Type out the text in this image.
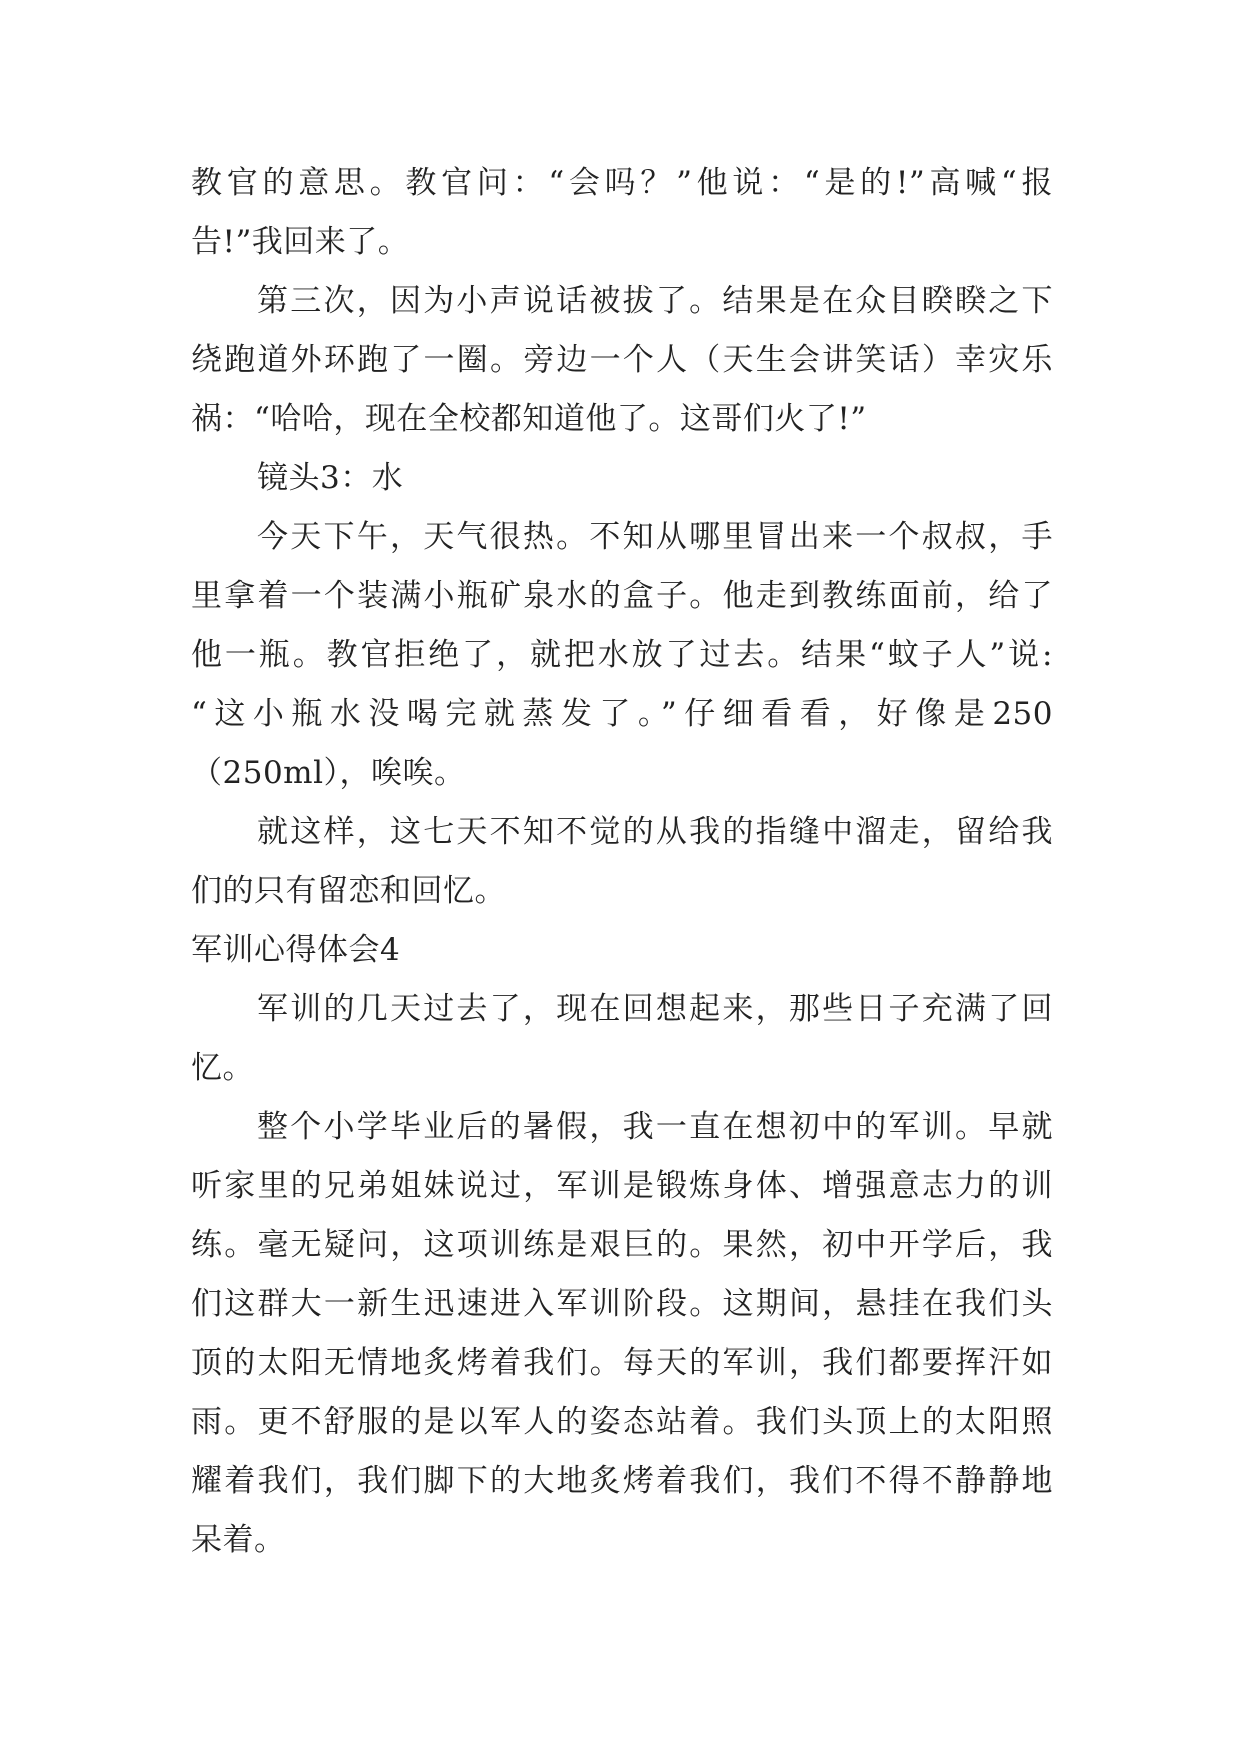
教官的意思。教官问：“会吗？”他说：“是的!”高喊“报
告!”我回来了。
第三次，因为小声说话被拔了。结果是在众目睽睽之下
绕跑道外环跑了一圈。旁边一个人（天生会讲笑话）幸灾乐
祸：“哈哈，现在全校都知道他了。这哥们火了!”
镜头3：水
今天下午，天气很热。不知从哪里冒出来一个叔叔，手
里拿着一个装满小瓶矿泉水的盒子。他走到教练面前，给了
他一瓶。教官拒绝了，就把水放了过去。结果“蚊子人”说:
“这小瓶水没喝完就蒸发了。”仔细看看，好像是250
（250ml），唉唉。
就这样，这七天不知不觉的从我的指缝中溜走，留给我
们的只有留恋和回忆。
军训心得体会4
军训的几天过去了，现在回想起来，那些日子充满了回
忆。
整个小学毕业后的暑假，我一直在想初中的军训。早就
听家里的兄弟姐妹说过，军训是锻炼身体、增强意志力的训
练。毫无疑问，这项训练是艰巨的。果然，初中开学后，我
们这群大一新生迅速进入军训阶段。这期间，悬挂在我们头
顶的太阳无情地炙烤着我们。每天的军训，我们都要挥汗如
雨。更不舒服的是以军人的姿态站着。我们头顶上的太阳照
耀着我们，我们脚下的大地炙烤着我们，我们不得不静静地
呆着。
